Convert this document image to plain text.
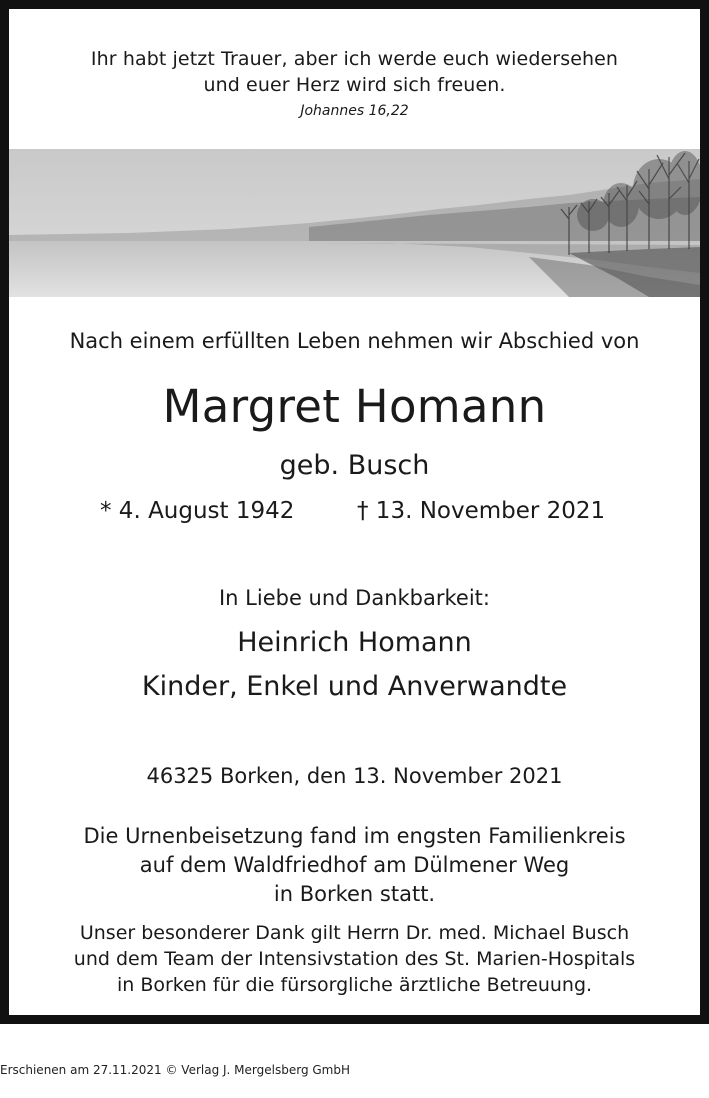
Ihr habt jetzt Trauer, aber ich werde euch wiedersehen
und euer Herz wird sich freuen.
Johannes 16,22
Nach einem erfüllten Leben nehmen wir Abschied von
Margret Homann
geb. Busch
* 4. August 1942	† 13. November 2021
In Liebe und Dankbarkeit:
Heinrich Homann
Kinder, Enkel und Anverwandte
46325 Borken, den 13. November 2021
Die Urnenbeisetzung fand im engsten Familienkreis
auf dem Waldfriedhof am Dülmener Weg
in Borken statt.
Unser besonderer Dank gilt Herrn Dr. med. Michael Busch
und dem Team der Intensivstation des St. Marien-Hospitals
in Borken für die fürsorgliche ärztliche Betreuung.
Erschienen am 27.11.2021 © Verlag J. Mergelsberg GmbH
